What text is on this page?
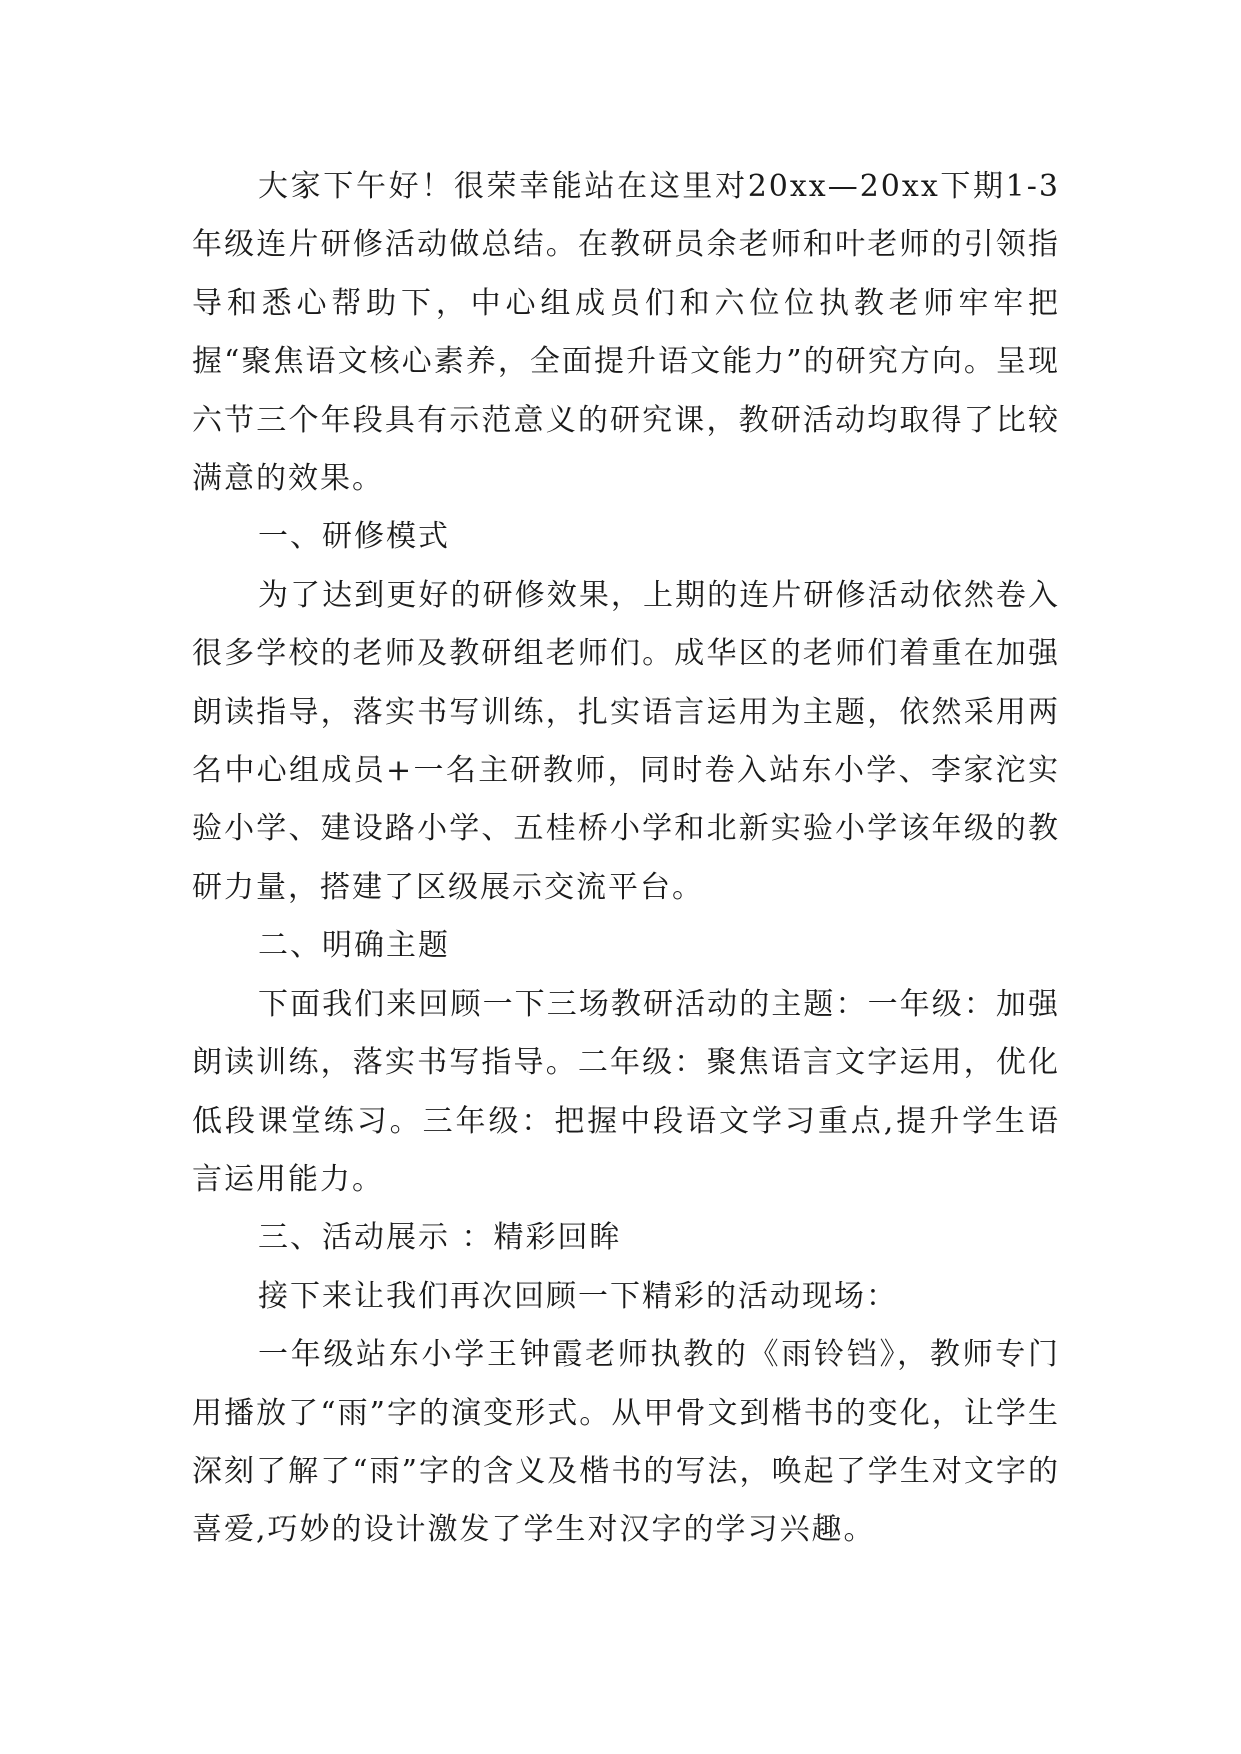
大家下午好！很荣幸能站在这里对20xx—20xx下期1-3年级连片研修活动做总结。在教研员余老师和叶老师的引领指导和悉心帮助下，中心组成员们和六位位执教老师牢牢把握“聚焦语文核心素养，全面提升语文能力”的研究方向。呈现六节三个年段具有示范意义的研究课，教研活动均取得了比较满意的效果。

一、研修模式

为了达到更好的研修效果，上期的连片研修活动依然卷入很多学校的老师及教研组老师们。成华区的老师们着重在加强朗读指导，落实书写训练，扎实语言运用为主题，依然采用两名中心组成员+一名主研教师，同时卷入站东小学、李家沱实验小学、建设路小学、五桂桥小学和北新实验小学该年级的教研力量，搭建了区级展示交流平台。

二、明确主题

下面我们来回顾一下三场教研活动的主题：一年级：加强朗读训练，落实书写指导。二年级：聚焦语言文字运用，优化低段课堂练习。三年级：把握中段语文学习重点,提升学生语言运用能力。

三、活动展示 ：精彩回眸

接下来让我们再次回顾一下精彩的活动现场：

一年级站东小学王钟霞老师执教的《雨铃铛》，教师专门用播放了“雨”字的演变形式。从甲骨文到楷书的变化，让学生深刻了解了“雨”字的含义及楷书的写法，唤起了学生对文字的喜爱,巧妙的设计激发了学生对汉字的学习兴趣。
